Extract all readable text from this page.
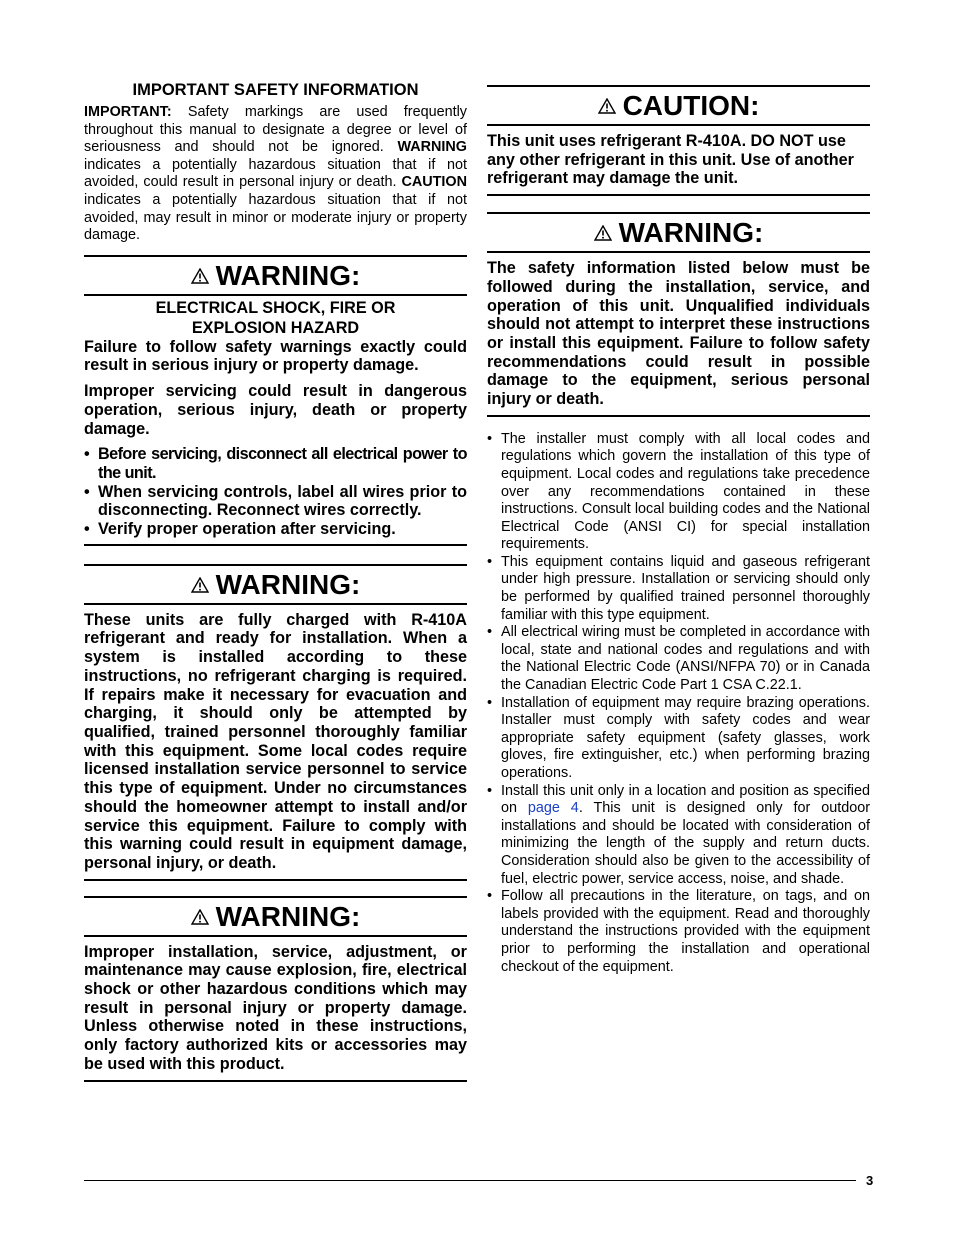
IMPORTANT SAFETY INFORMATION

IMPORTANT: Safety markings are used frequently throughout this manual to designate a degree or level of seriousness and should not be ignored. WARNING indicates a potentially hazardous situation that if not avoided, could result in personal injury or death. CAUTION indicates a potentially hazardous situation that if not avoided, may result in minor or moderate injury or property damage.

WARNING:
ELECTRICAL SHOCK, FIRE OR
EXPLOSION HAZARD

Failure to follow safety warnings exactly could result in serious injury or property damage.

Improper servicing could result in dangerous operation, serious injury, death or property damage.

• Before servicing, disconnect all electrical power to the unit.
• When servicing controls, label all wires prior to disconnecting. Reconnect wires correctly.
• Verify proper operation after servicing.
WARNING:

These units are fully charged with R-410A refrigerant and ready for installation. When a system is installed according to these instructions, no refrigerant charging is required. If repairs make it necessary for evacuation and charging, it should only be attempted by qualified, trained personnel thoroughly familiar with this equipment. Some local codes require licensed installation service personnel to service this type of equipment. Under no circumstances should the homeowner attempt to install and/or service this equipment. Failure to comply with this warning could result in equipment damage, personal injury, or death.

WARNING:

Improper installation, service, adjustment, or maintenance may cause explosion, fire, electrical shock or other hazardous conditions which may result in personal injury or property damage. Unless otherwise noted in these instructions, only factory authorized kits or accessories may be used with this product.

CAUTION:

This unit uses refrigerant R-410A. DO NOT use any other refrigerant in this unit. Use of another refrigerant may damage the unit.

WARNING:

The safety information listed below must be followed during the installation, service, and operation of this unit. Unqualified individuals should not attempt to interpret these instructions or install this equipment. Failure to follow safety recommendations could result in possible damage to the equipment, serious personal injury or death.

• The installer must comply with all local codes and regulations which govern the installation of this type of equipment. Local codes and regulations take precedence over any recommendations contained in these instructions. Consult local building codes and the National Electrical Code (ANSI CI) for special installation requirements.
• This equipment contains liquid and gaseous refrigerant under high pressure. Installation or servicing should only be performed by qualified trained personnel thoroughly familiar with this type equipment.
• All electrical wiring must be completed in accordance with local, state and national codes and regulations and with the National Electric Code (ANSI/NFPA 70) or in Canada the Canadian Electric Code Part 1 CSA C.22.1.
• Installation of equipment may require brazing operations. Installer must comply with safety codes and wear appropriate safety equipment (safety glasses, work gloves, fire extinguisher, etc.) when performing brazing operations.
• Install this unit only in a location and position as specified on page 4. This unit is designed only for outdoor installations and should be located with consideration of minimizing the length of the supply and return ducts. Consideration should also be given to the accessibility of fuel, electric power, service access, noise, and shade.
• Follow all precautions in the literature, on tags, and on labels provided with the equipment. Read and thoroughly understand the instructions provided with the equipment prior to performing the installation and operational checkout of the equipment.
3
